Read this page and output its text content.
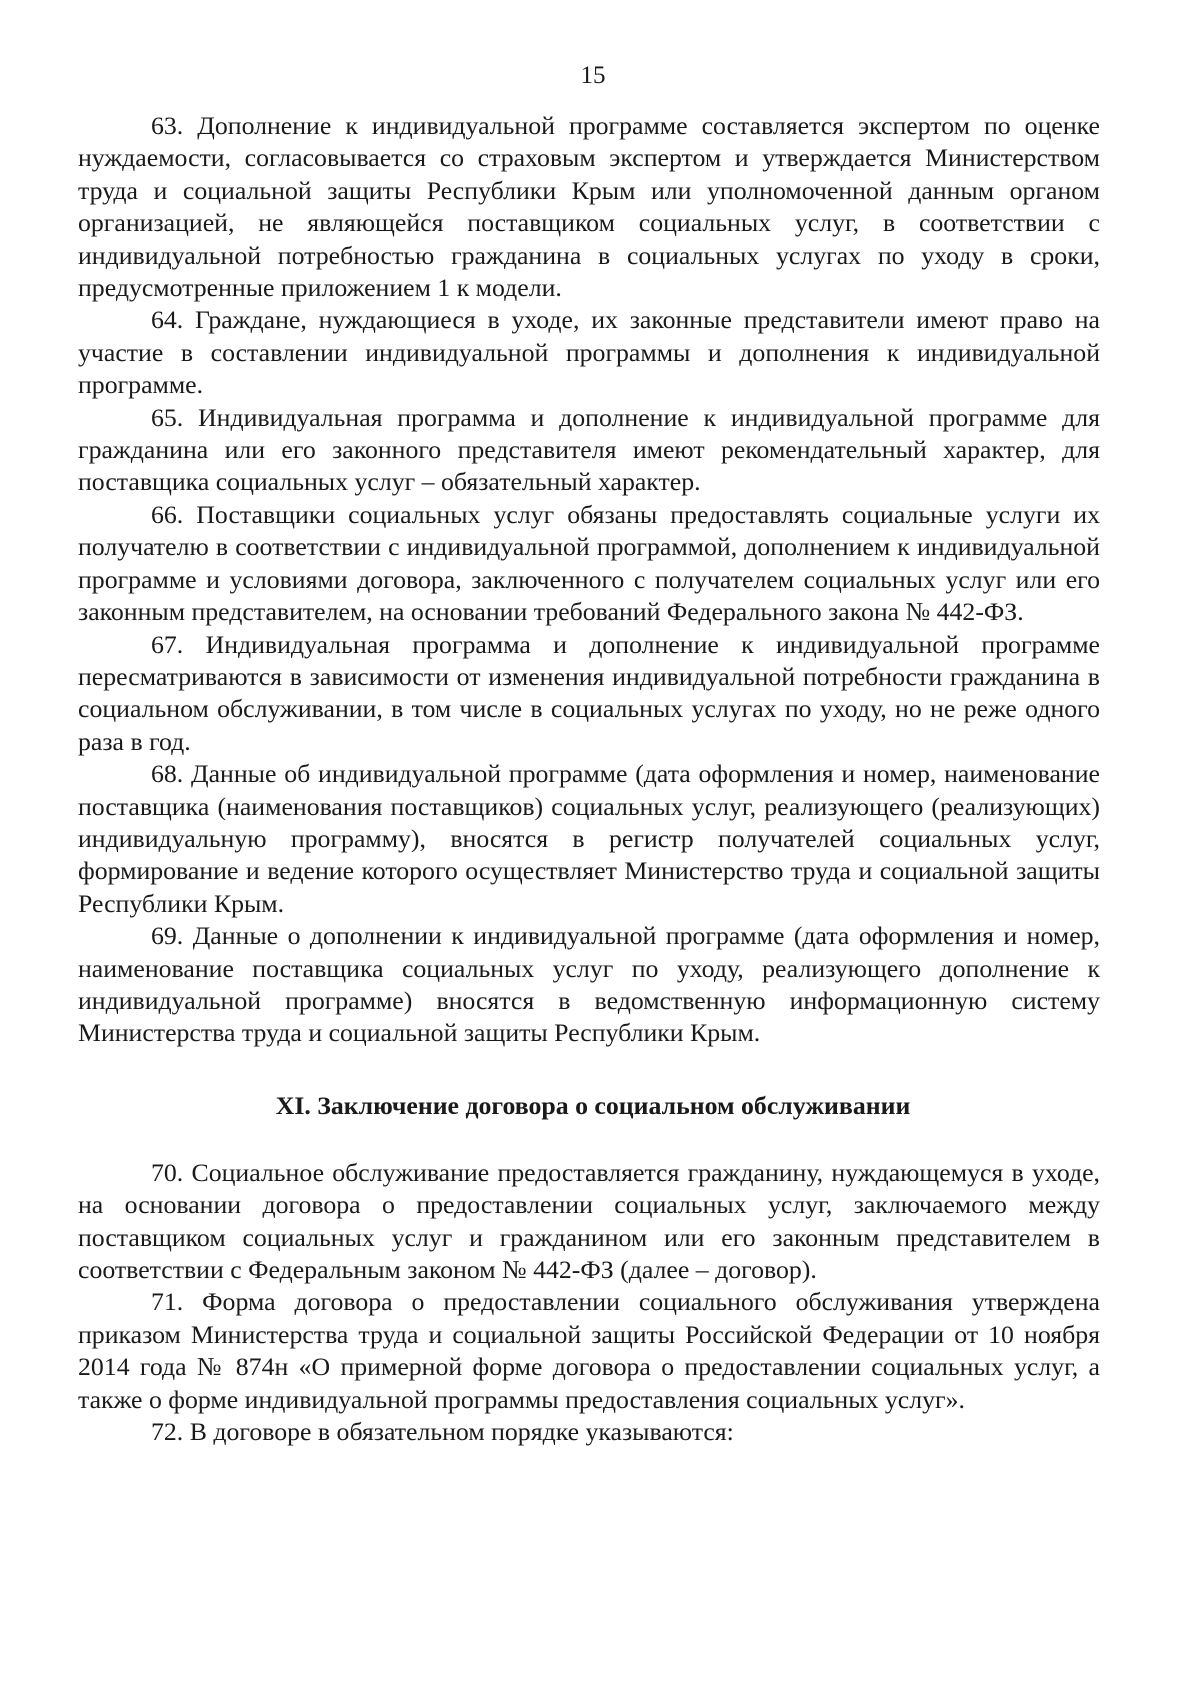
15

63. Дополнение к индивидуальной программе составляется экспертом по оценке нуждаемости, согласовывается со страховым экспертом и утверждается Министерством труда и социальной защиты Республики Крым или уполномоченной данным органом организацией, не являющейся поставщиком социальных услуг, в соответствии с индивидуальной потребностью гражданина в социальных услугах по уходу в сроки, предусмотренные приложением 1 к модели.

64. Граждане, нуждающиеся в уходе, их законные представители имеют право на участие в составлении индивидуальной программы и дополнения к индивидуальной программе.

65. Индивидуальная программа и дополнение к индивидуальной программе для гражданина или его законного представителя имеют рекомендательный характер, для поставщика социальных услуг – обязательный характер.

66. Поставщики социальных услуг обязаны предоставлять социальные услуги их получателю в соответствии с индивидуальной программой, дополнением к индивидуальной программе и условиями договора, заключенного с получателем социальных услуг или его законным представителем, на основании требований Федерального закона № 442-ФЗ.

67. Индивидуальная программа и дополнение к индивидуальной программе пересматриваются в зависимости от изменения индивидуальной потребности гражданина в социальном обслуживании, в том числе в социальных услугах по уходу, но не реже одного раза в год.

68. Данные об индивидуальной программе (дата оформления и номер, наименование поставщика (наименования поставщиков) социальных услуг, реализующего (реализующих) индивидуальную программу), вносятся в регистр получателей социальных услуг, формирование и ведение которого осуществляет Министерство труда и социальной защиты Республики Крым.

69. Данные о дополнении к индивидуальной программе (дата оформления и номер, наименование поставщика социальных услуг по уходу, реализующего дополнение к индивидуальной программе) вносятся в ведомственную информационную систему Министерства труда и социальной защиты Республики Крым.

XI. Заключение договора о социальном обслуживании

70. Социальное обслуживание предоставляется гражданину, нуждающемуся в уходе, на основании договора о предоставлении социальных услуг, заключаемого между поставщиком социальных услуг и гражданином или его законным представителем в соответствии с Федеральным законом № 442-ФЗ (далее – договор).

71. Форма договора о предоставлении социального обслуживания утверждена приказом Министерства труда и социальной защиты Российской Федерации от 10 ноября 2014 года № 874н «О примерной форме договора о предоставлении социальных услуг, а также о форме индивидуальной программы предоставления социальных услуг».

72. В договоре в обязательном порядке указываются:
